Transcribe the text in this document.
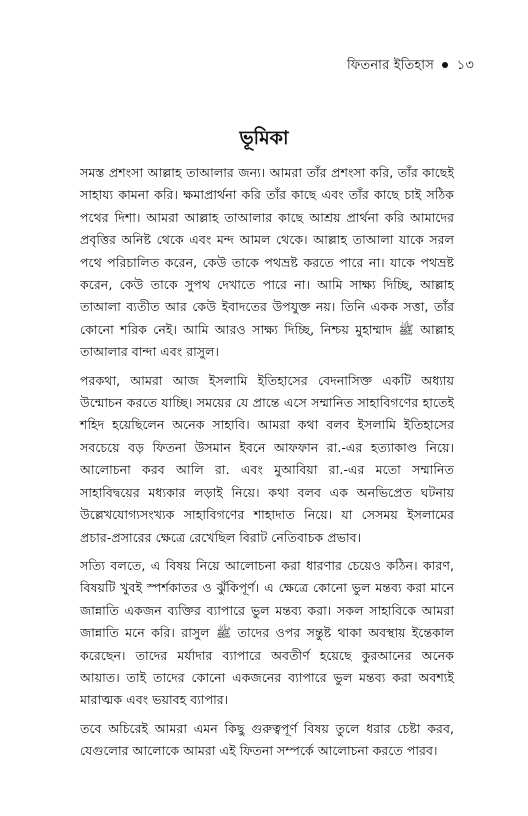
ফিতনার ইতিহাস ১৩
ভূমিকা

সমস্ত প্রশংসা আল্লাহ তাআলার জন্য। আমরা তাঁর প্রশংসা করি, তাঁর কাছেই সাহায্য কামনা করি। ক্ষমাপ্রার্থনা করি তাঁর কাছে এবং তাঁর কাছে চাই সঠিক পথের দিশা। আমরা আল্লাহ তাআলার কাছে আশ্রয় প্রার্থনা করি আমাদের প্রবৃত্তির অনিষ্ট থেকে এবং মন্দ আমল থেকে। আল্লাহ তাআলা যাকে সরল পথে পরিচালিত করেন, কেউ তাকে পথভ্রষ্ট করতে পারে না। যাকে পথভ্রষ্ট করেন, কেউ তাকে সুপথ দেখাতে পারে না। আমি সাক্ষ্য দিচ্ছি, আল্লাহ তাআলা ব্যতীত আর কেউ ইবাদতের উপযুক্ত নয়। তিনি একক সত্তা, তাঁর কোনো শরিক নেই। আমি আরও সাক্ষ্য দিচ্ছি, নিশ্চয় মুহাম্মাদ ﷺ আল্লাহ তাআলার বান্দা এবং রাসুল।

পরকথা, আমরা আজ ইসলামি ইতিহাসের বেদনাসিক্ত একটি অধ্যায় উন্মোচন করতে যাচ্ছি। সময়ের যে প্রান্তে এসে সম্মানিত সাহাবিগণের হাতেই শহিদ হয়েছিলেন অনেক সাহাবি। আমরা কথা বলব ইসলামি ইতিহাসের সবচেয়ে বড় ফিতনা উসমান ইবনে আফফান রা.-এর হত্যাকাণ্ড নিয়ে। আলোচনা করব আলি রা. এবং মুআবিয়া রা.-এর মতো সম্মানিত সাহাবিদ্বয়ের মধ্যকার লড়াই নিয়ে। কথা বলব এক অনভিপ্রেত ঘটনায় উল্লেখযোগ্যসংখ্যক সাহাবিগণের শাহাদাত নিয়ে। যা সেসময় ইসলামের প্রচার-প্রসারের ক্ষেত্রে রেখেছিল বিরাট নেতিবাচক প্রভাব।

সত্যি বলতে, এ বিষয় নিয়ে আলোচনা করা ধারণার চেয়েও কঠিন। কারণ, বিষয়টি খুবই স্পর্শকাতর ও ঝুঁকিপূর্ণ। এ ক্ষেত্রে কোনো ভুল মন্তব্য করা মানে জান্নাতি একজন ব্যক্তির ব্যাপারে ভুল মন্তব্য করা। সকল সাহাবিকে আমরা জান্নাতি মনে করি। রাসুল ﷺ তাদের ওপর সন্তুষ্ট থাকা অবস্থায় ইন্তেকাল করেছেন। তাদের মর্যাদার ব্যাপারে অবতীর্ণ হয়েছে কুরআনের অনেক আয়াত। তাই তাদের কোনো একজনের ব্যাপারে ভুল মন্তব্য করা অবশ্যই মারাত্মক এবং ভয়াবহ ব্যাপার।

তবে অচিরেই আমরা এমন কিছু গুরুত্বপূর্ণ বিষয় তুলে ধরার চেষ্টা করব, যেগুলোর আলোকে আমরা এই ফিতনা সম্পর্কে আলোচনা করতে পারব।
